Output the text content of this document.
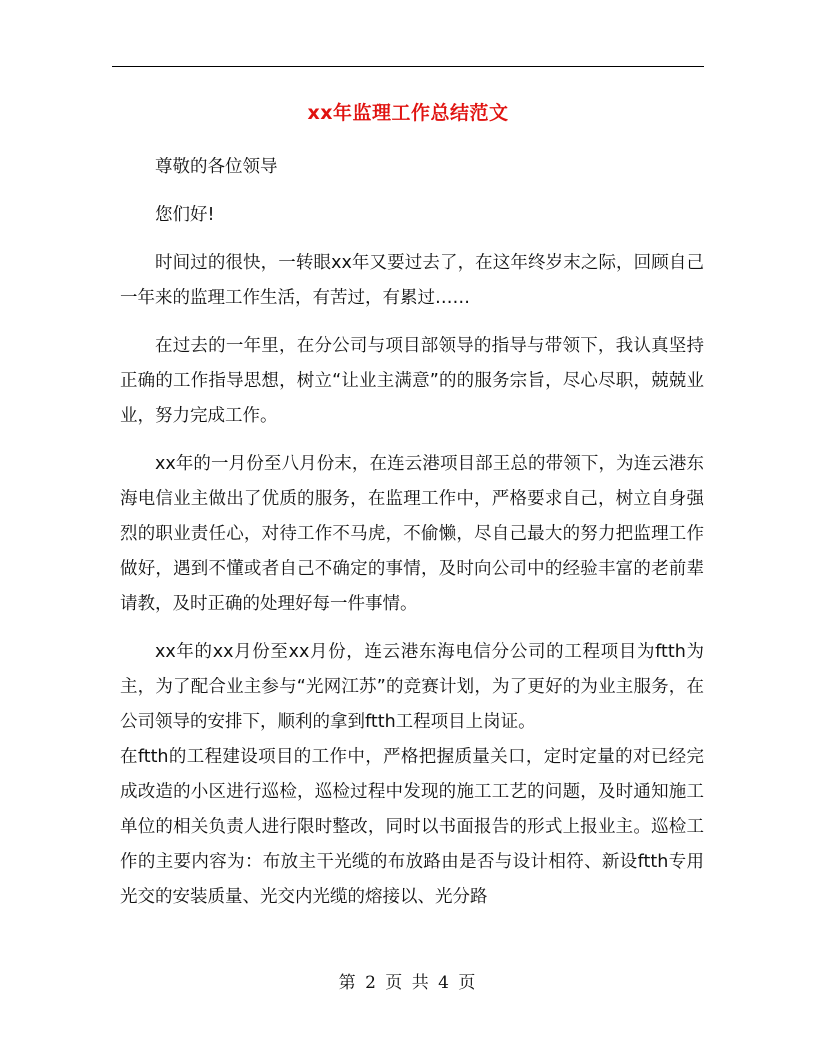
xx年监理工作总结范文

尊敬的各位领导

您们好!

时间过的很快，一转眼xx年又要过去了，在这年终岁末之际，回顾自己一年来的监理工作生活，有苦过，有累过……

在过去的一年里，在分公司与项目部领导的指导与带领下，我认真坚持正确的工作指导思想，树立“让业主满意”的的服务宗旨，尽心尽职，兢兢业业，努力完成工作。

xx年的一月份至八月份末，在连云港项目部王总的带领下，为连云港东海电信业主做出了优质的服务，在监理工作中，严格要求自己，树立自身强烈的职业责任心，对待工作不马虎，不偷懒，尽自己最大的努力把监理工作做好，遇到不懂或者自己不确定的事情，及时向公司中的经验丰富的老前辈请教，及时正确的处理好每一件事情。

xx年的xx月份至xx月份，连云港东海电信分公司的工程项目为ftth为主，为了配合业主参与“光网江苏”的竞赛计划，为了更好的为业主服务，在公司领导的安排下，顺利的拿到ftth工程项目上岗证。

在ftth的工程建设项目的工作中，严格把握质量关口，定时定量的对已经完成改造的小区进行巡检，巡检过程中发现的施工工艺的问题，及时通知施工单位的相关负责人进行限时整改，同时以书面报告的形式上报业主。巡检工作的主要内容为：布放主干光缆的布放路由是否与设计相符、新设ftth专用光交的安装质量、光交内光缆的熔接以、光分路

第 2 页 共 4 页
